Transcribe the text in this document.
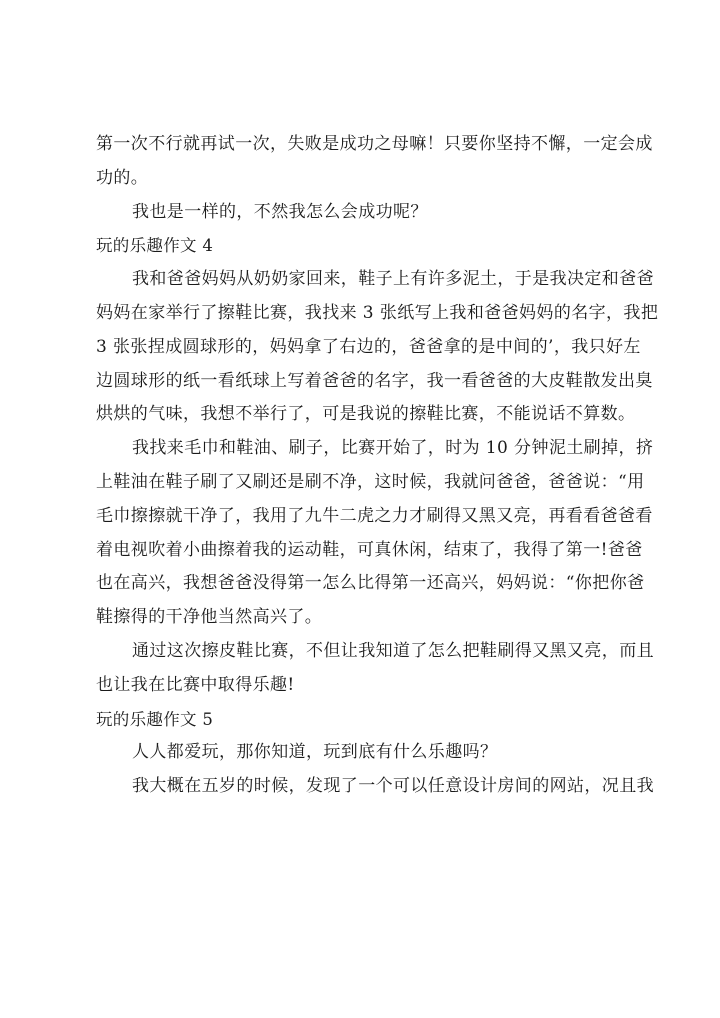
第一次不行就再试一次，失败是成功之母嘛！只要你坚持不懈，一定会成
功的。
我也是一样的，不然我怎么会成功呢？
玩的乐趣作文 4
我和爸爸妈妈从奶奶家回来，鞋子上有许多泥土，于是我决定和爸爸
妈妈在家举行了擦鞋比赛，我找来 3 张纸写上我和爸爸妈妈的名字，我把
3 张张捏成圆球形的，妈妈拿了右边的，爸爸拿的是中间的’，我只好左
边圆球形的纸一看纸球上写着爸爸的名字，我一看爸爸的大皮鞋散发出臭
烘烘的气味，我想不举行了，可是我说的擦鞋比赛，不能说话不算数。
我找来毛巾和鞋油、刷子，比赛开始了，时为 10 分钟泥土刷掉，挤
上鞋油在鞋子刷了又刷还是刷不净，这时候，我就问爸爸，爸爸说：“用
毛巾擦擦就干净了，我用了九牛二虎之力才刷得又黑又亮，再看看爸爸看
着电视吹着小曲擦着我的运动鞋，可真休闲，结束了，我得了第一!爸爸
也在高兴，我想爸爸没得第一怎么比得第一还高兴，妈妈说：“你把你爸
鞋擦得的干净他当然高兴了。
通过这次擦皮鞋比赛，不但让我知道了怎么把鞋刷得又黑又亮，而且
也让我在比赛中取得乐趣!
玩的乐趣作文 5
人人都爱玩，那你知道，玩到底有什么乐趣吗？
我大概在五岁的时候，发现了一个可以任意设计房间的网站，况且我
